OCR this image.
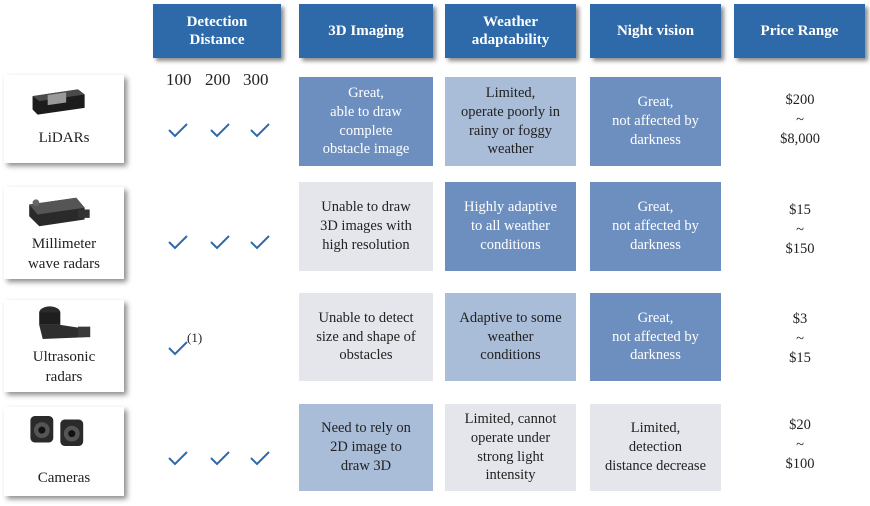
Detection
Distance
3D Imaging
Weather
adaptability
Night vision	Price Range
100 200 300
LiDARs
Great,
able to draw
complete
obstacle image
Limited,
operate poorly in
rainy or foggy
weather
Great,
not affected by
darkness
$200
~
$8,000
Millimeter
wave radars
Unable to draw
3D images with
high resolution
Highly adaptive
to all weather
conditions
Great,
not affected by
darkness
$15
~
$150
Ultrasonic
radars
Unable to detect
size and shape of
obstacles
Adaptive to some
weather
conditions
Great,
not affected by
darkness
$3
~
$15
(1)
Cameras
Need to rely on
2D image to
draw 3D
Limited, cannot
operate under
strong light
intensity
Limited,
detection
distance decrease
$20
~
$100
